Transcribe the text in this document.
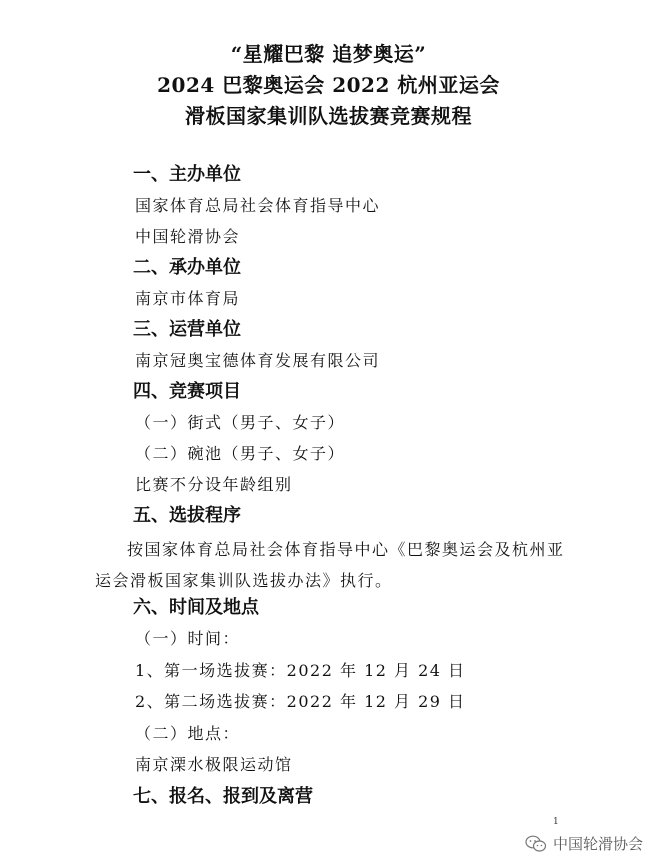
“星耀巴黎 追梦奥运”
2024 巴黎奥运会 2022 杭州亚运会
滑板国家集训队选拔赛竞赛规程
一、主办单位
国家体育总局社会体育指导中心
中国轮滑协会
二、承办单位
南京市体育局
三、运营单位
南京冠奥宝德体育发展有限公司
四、竞赛项目
（一）街式（男子、女子）
（二）碗池（男子、女子）
比赛不分设年龄组别
五、选拔程序
按国家体育总局社会体育指导中心《巴黎奥运会及杭州亚运会滑板国家集训队选拔办法》执行。
六、时间及地点
（一）时间：
1、第一场选拔赛：2022 年 12 月 24 日
2、第二场选拔赛：2022 年 12 月 29 日
（二）地点：
南京溧水极限运动馆
七、报名、报到及离营
1
中国轮滑协会
